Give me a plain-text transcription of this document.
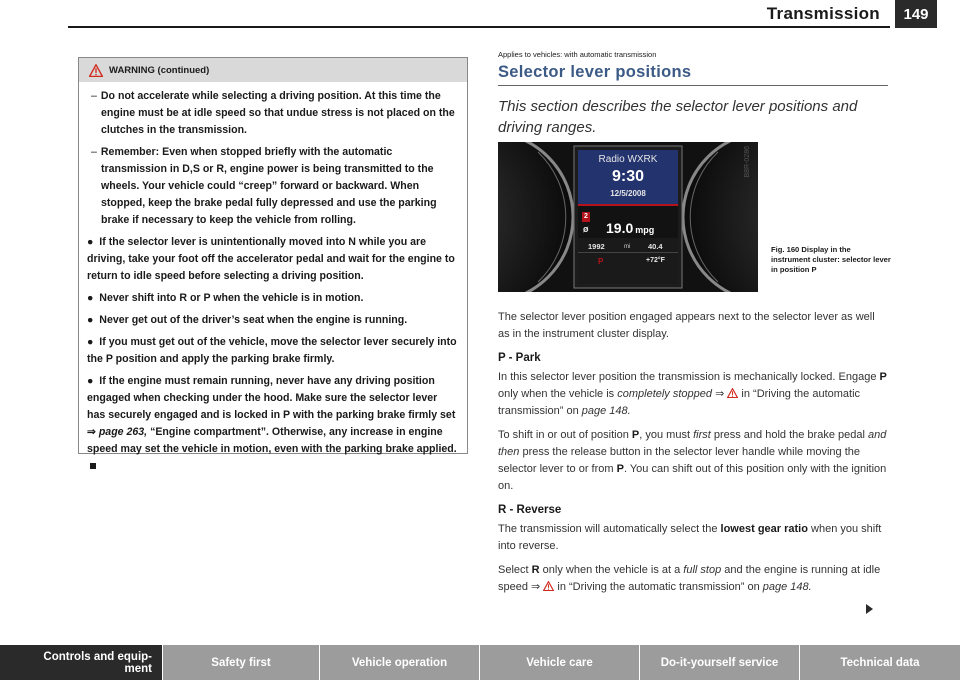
Transmission	149
WARNING (continued)

– Do not accelerate while selecting a driving position. At this time the engine must be at idle speed so that undue stress is not placed on the clutches in the transmission.

– Remember: Even when stopped briefly with the automatic transmission in D,S or R, engine power is being transmitted to the wheels. Your vehicle could “creep” forward or backward. When stopped, keep the brake pedal fully depressed and use the parking brake if necessary to keep the vehicle from rolling.

●  If the selector lever is unintentionally moved into N while you are driving, take your foot off the accelerator pedal and wait for the engine to return to idle speed before selecting a driving position.

●  Never shift into R or P when the vehicle is in motion.

●  Never get out of the driver’s seat when the engine is running.

●  If you must get out of the vehicle, move the selector lever securely into the P position and apply the parking brake firmly.

●  If the engine must remain running, never have any driving position engaged when checking under the hood. Make sure the selector lever has securely engaged and is locked in P with the parking brake firmly set ⇒ page 263, “Engine compartment”. Otherwise, any increase in engine speed may set the vehicle in motion, even with the parking brake applied.

Applies to vehicles: with automatic transmission
Selector lever positions
This section describes the selector lever positions and driving ranges.
Radio WXRK
9:30
12/5/2008
2
ø 19.0 mpg
1992	mi 40.4
P	+72°F
B8R-0286
Fig. 160 Display in the instrument cluster: selector lever in position P

The selector lever position engaged appears next to the selector lever as well as in the instrument cluster display.

P - Park

In this selector lever position the transmission is mechanically locked. Engage P only when the vehicle is completely stopped ⇒  in “Driving the automatic transmission” on page 148.

To shift in or out of position P, you must first press and hold the brake pedal and then press the release button in the selector lever handle while moving the selector lever to or from P. You can shift out of this position only with the ignition on.

R - Reverse

The transmission will automatically select the lowest gear ratio when you shift into reverse.

Select R only when the vehicle is at a full stop and the engine is running at idle speed ⇒  in “Driving the automatic transmission” on page 148.

Controls and equip-
ment	Safety first	Vehicle operation	Vehicle care	Do-it-yourself service	Technical data
